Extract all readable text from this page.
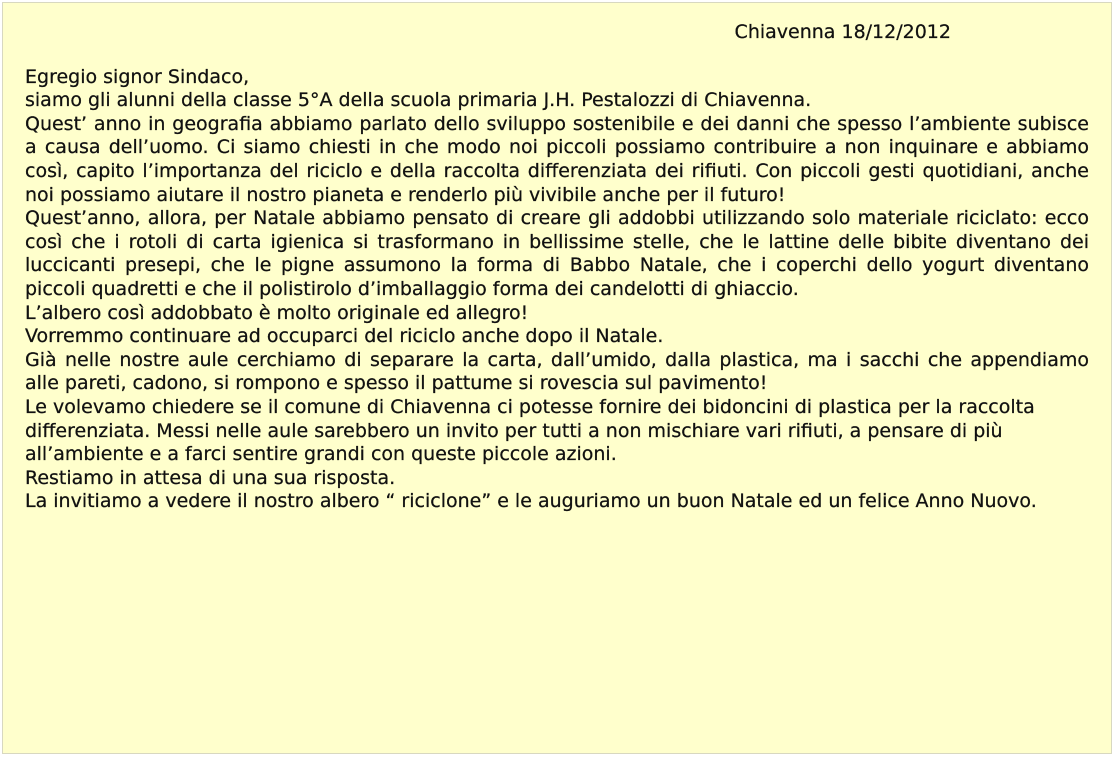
Chiavenna 18/12/2012

Egregio signor Sindaco,

siamo gli alunni della classe 5°A della scuola primaria J.H. Pestalozzi di Chiavenna.

Quest’ anno in geografia abbiamo parlato dello sviluppo sostenibile e dei danni che spesso l’ambiente subisce a causa dell’uomo. Ci siamo chiesti in che modo noi piccoli possiamo contribuire a non inquinare e abbiamo così, capito l’importanza del riciclo e della raccolta differenziata dei rifiuti. Con piccoli gesti quotidiani, anche noi possiamo aiutare il nostro pianeta e renderlo più vivibile anche per il futuro!

Quest’anno, allora, per Natale abbiamo pensato di creare gli addobbi utilizzando solo materiale riciclato: ecco così che i rotoli di carta igienica si trasformano in bellissime stelle, che le lattine delle bibite diventano dei luccicanti presepi, che le pigne assumono la forma di Babbo Natale, che i coperchi dello yogurt diventano piccoli quadretti e che il polistirolo d’imballaggio forma dei candelotti di ghiaccio.

L’albero così addobbato è molto originale ed allegro!

Vorremmo continuare ad occuparci del riciclo anche dopo il Natale.

Già nelle nostre aule cerchiamo di separare la carta, dall’umido, dalla plastica, ma i sacchi che appendiamo alle pareti, cadono, si rompono e spesso il pattume si rovescia sul pavimento!

Le volevamo chiedere se il comune di Chiavenna ci potesse fornire dei bidoncini di plastica per la raccolta differenziata. Messi nelle aule sarebbero un invito per tutti a non mischiare vari rifiuti, a pensare di più all’ambiente e a farci sentire grandi con queste piccole azioni.

Restiamo in attesa di una sua risposta.

La invitiamo a vedere il nostro albero “ riciclone” e le auguriamo un buon Natale ed un felice Anno Nuovo.
